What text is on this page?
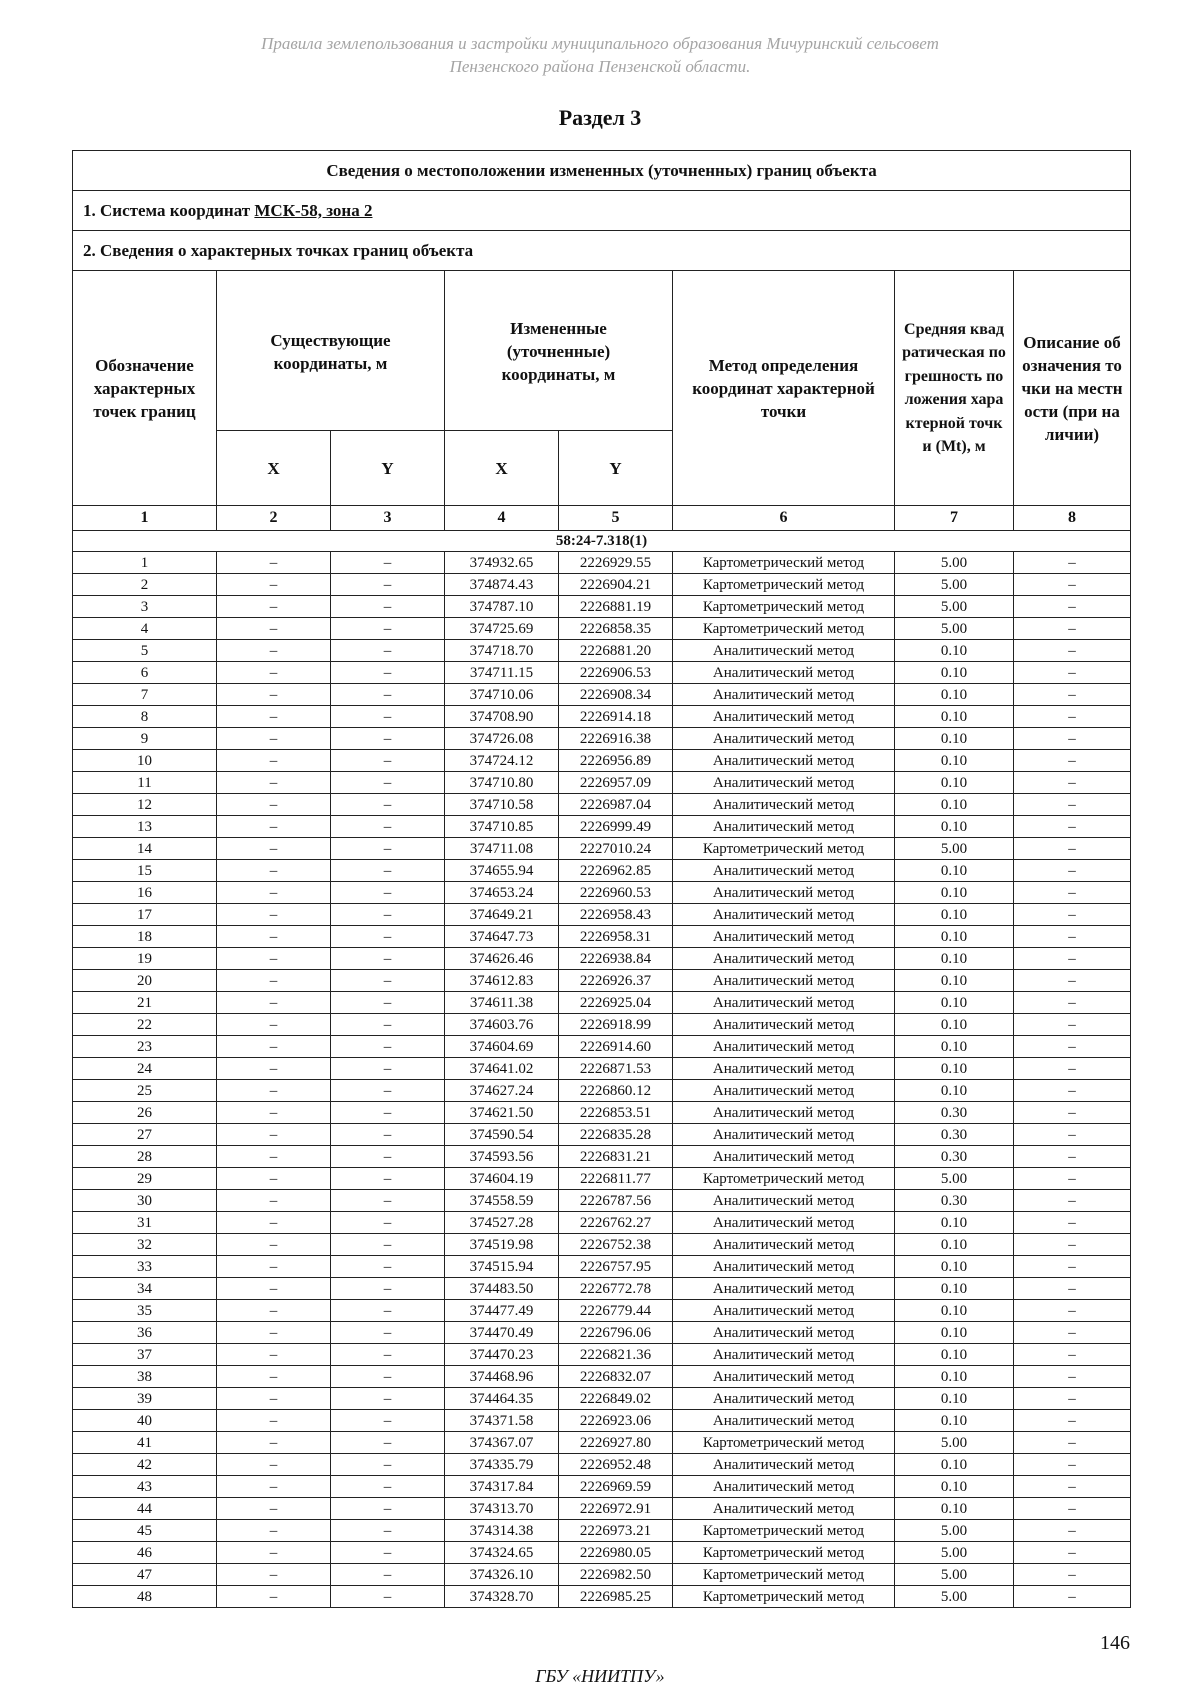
Правила землепользования и застройки муниципального образования Мичуринский сельсовет
Пензенского района Пензенской области.
Раздел 3
Сведения о местоположении измененных (уточненных) границ объекта							
1. Система координат МСК-58, зона 2							
2. Сведения о характерных точках границ объекта							

Обозначение характерных точек границ	Существующие координаты, м		Измененные (уточненные) координаты, м		Метод определения координат характерной точки	Средняя квадратическая погрешность положения характерной точки (Mt), м	Описание обозначения точки на местности (при наличии)

	X	Y	X	Y			
1	2	3	4	5	6	7	8
58:24-7.318(1)							
1	–	–	374932.65	2226929.55	Картометрический метод	5.00	–
2	–	–	374874.43	2226904.21	Картометрический метод	5.00	–
3	–	–	374787.10	2226881.19	Картометрический метод	5.00	–
4	–	–	374725.69	2226858.35	Картометрический метод	5.00	–
5	–	–	374718.70	2226881.20	Аналитический метод	0.10	–
6	–	–	374711.15	2226906.53	Аналитический метод	0.10	–
7	–	–	374710.06	2226908.34	Аналитический метод	0.10	–
8	–	–	374708.90	2226914.18	Аналитический метод	0.10	–
9	–	–	374726.08	2226916.38	Аналитический метод	0.10	–
10	–	–	374724.12	2226956.89	Аналитический метод	0.10	–
11	–	–	374710.80	2226957.09	Аналитический метод	0.10	–
12	–	–	374710.58	2226987.04	Аналитический метод	0.10	–
13	–	–	374710.85	2226999.49	Аналитический метод	0.10	–
14	–	–	374711.08	2227010.24	Картометрический метод	5.00	–
15	–	–	374655.94	2226962.85	Аналитический метод	0.10	–
16	–	–	374653.24	2226960.53	Аналитический метод	0.10	–
17	–	–	374649.21	2226958.43	Аналитический метод	0.10	–
18	–	–	374647.73	2226958.31	Аналитический метод	0.10	–
19	–	–	374626.46	2226938.84	Аналитический метод	0.10	–
20	–	–	374612.83	2226926.37	Аналитический метод	0.10	–
21	–	–	374611.38	2226925.04	Аналитический метод	0.10	–
22	–	–	374603.76	2226918.99	Аналитический метод	0.10	–
23	–	–	374604.69	2226914.60	Аналитический метод	0.10	–
24	–	–	374641.02	2226871.53	Аналитический метод	0.10	–
25	–	–	374627.24	2226860.12	Аналитический метод	0.10	–
26	–	–	374621.50	2226853.51	Аналитический метод	0.30	–
27	–	–	374590.54	2226835.28	Аналитический метод	0.30	–
28	–	–	374593.56	2226831.21	Аналитический метод	0.30	–
29	–	–	374604.19	2226811.77	Картометрический метод	5.00	–
30	–	–	374558.59	2226787.56	Аналитический метод	0.30	–
31	–	–	374527.28	2226762.27	Аналитический метод	0.10	–
32	–	–	374519.98	2226752.38	Аналитический метод	0.10	–
33	–	–	374515.94	2226757.95	Аналитический метод	0.10	–
34	–	–	374483.50	2226772.78	Аналитический метод	0.10	–
35	–	–	374477.49	2226779.44	Аналитический метод	0.10	–
36	–	–	374470.49	2226796.06	Аналитический метод	0.10	–
37	–	–	374470.23	2226821.36	Аналитический метод	0.10	–
38	–	–	374468.96	2226832.07	Аналитический метод	0.10	–
39	–	–	374464.35	2226849.02	Аналитический метод	0.10	–
40	–	–	374371.58	2226923.06	Аналитический метод	0.10	–
41	–	–	374367.07	2226927.80	Картометрический метод	5.00	–
42	–	–	374335.79	2226952.48	Аналитический метод	0.10	–
43	–	–	374317.84	2226969.59	Аналитический метод	0.10	–
44	–	–	374313.70	2226972.91	Аналитический метод	0.10	–
45	–	–	374314.38	2226973.21	Картометрический метод	5.00	–
46	–	–	374324.65	2226980.05	Картометрический метод	5.00	–
47	–	–	374326.10	2226982.50	Картометрический метод	5.00	–
48	–	–	374328.70	2226985.25	Картометрический метод	5.00	–
146
ГБУ «НИИТПУ»
